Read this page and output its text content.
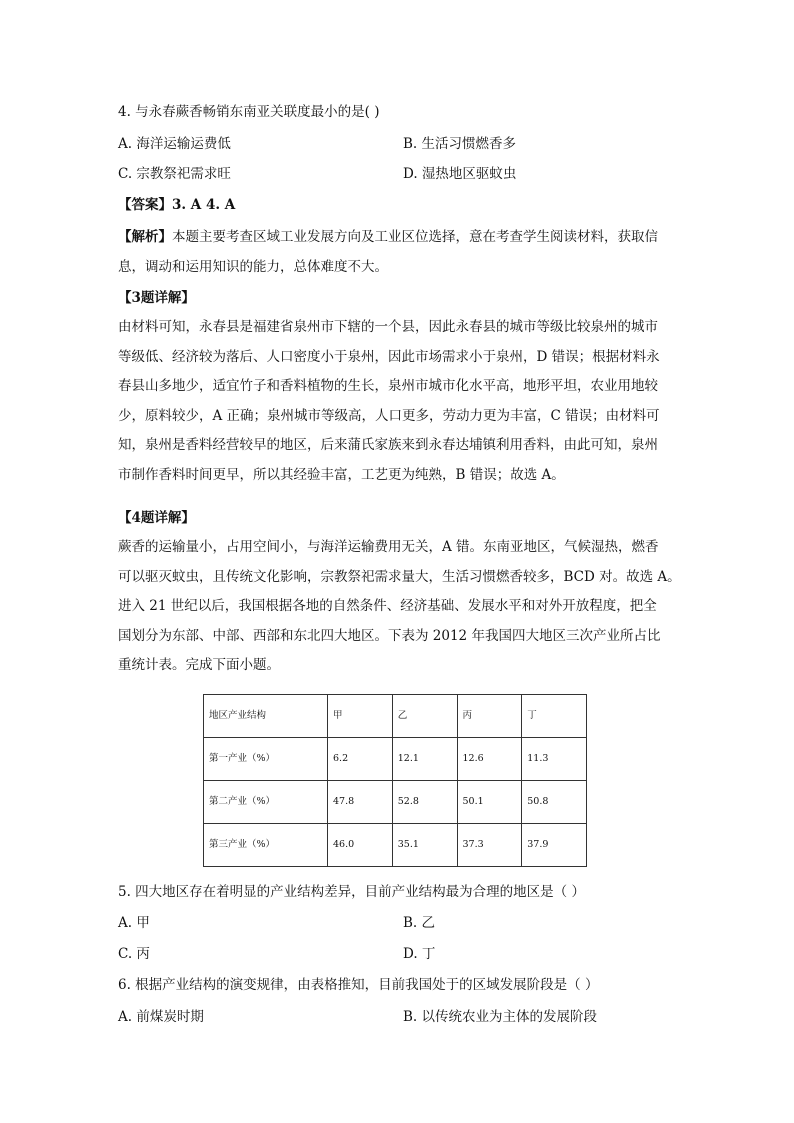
4. 与永春蕨香畅销东南亚关联度最小的是( )
A. 海洋运输运费低	B. 生活习惯燃香多
C. 宗教祭祀需求旺	D. 湿热地区驱蚊虫
【答案】3. A 4. A
【解析】本题主要考查区域工业发展方向及工业区位选择，意在考查学生阅读材料，获取信
息，调动和运用知识的能力，总体难度不大。
【3题详解】
由材料可知，永春县是福建省泉州市下辖的一个县，因此永春县的城市等级比较泉州的城市
等级低、经济较为落后、人口密度小于泉州，因此市场需求小于泉州，D 错误；根据材料永
春县山多地少，适宜竹子和香料植物的生长，泉州市城市化水平高，地形平坦，农业用地较
少，原料较少，A 正确；泉州城市等级高，人口更多，劳动力更为丰富，C 错误；由材料可
知，泉州是香料经营较早的地区，后来蒲氏家族来到永春达埔镇利用香料，由此可知，泉州
市制作香料时间更早，所以其经验丰富，工艺更为纯熟，B 错误；故选 A。
【4题详解】
蕨香的运输量小，占用空间小，与海洋运输费用无关，A 错。东南亚地区，气候湿热，燃香
可以驱灭蚊虫，且传统文化影响，宗教祭祀需求量大，生活习惯燃香较多，BCD 对。故选 A。
进入 21 世纪以后，我国根据各地的自然条件、经济基础、发展水平和对外开放程度，把全
国划分为东部、中部、西部和东北四大地区。下表为 2012 年我国四大地区三次产业所占比
重统计表。完成下面小题。
地区产业结构	甲	乙	丙	丁
第一产业（%）	6.2	12.1	12.6	11.3
第二产业（%）	47.8	52.8	50.1	50.8
第三产业（%）	46.0	35.1	37.3	37.9
5. 四大地区存在着明显的产业结构差异，目前产业结构最为合理的地区是（ ）
A. 甲	B. 乙
C. 丙	D. 丁
6. 根据产业结构的演变规律，由表格推知，目前我国处于的区域发展阶段是（ ）
A. 前煤炭时期	B. 以传统农业为主体的发展阶段
